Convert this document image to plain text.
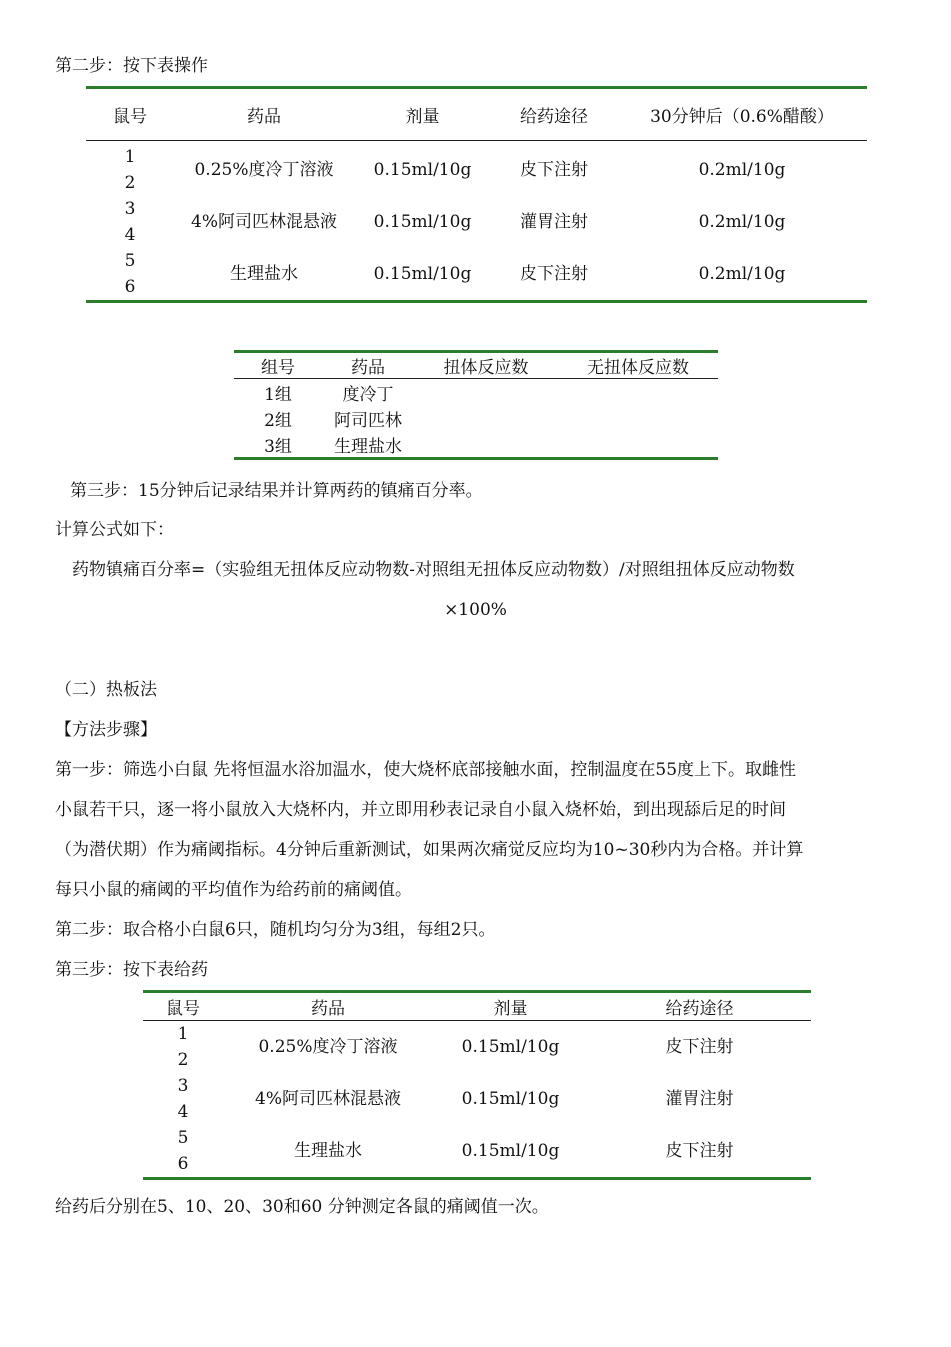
第二步：按下表操作
鼠号	药品	剂量	给药途径	30分钟后（0.6%醋酸）

1
2	0.25%度冷丁溶液	0.15ml/10g	皮下注射	0.2ml/10g

3
4	4%阿司匹林混悬液	0.15ml/10g	灌胃注射	0.2ml/10g

5
6	生理盐水	0.15ml/10g	皮下注射	0.2ml/10g
组号	药品	扭体反应数	无扭体反应数
1组	度冷丁		
2组	阿司匹林		
3组	生理盐水		
第三步：15分钟后记录结果并计算两药的镇痛百分率。
计算公式如下：
药物镇痛百分率=（实验组无扭体反应动物数-对照组无扭体反应动物数）/对照组扭体反应动物数
×100%
（二）热板法
【方法步骤】
第一步：筛选小白鼠 先将恒温水浴加温水，使大烧杯底部接触水面，控制温度在55度上下。取雌性
小鼠若干只，逐一将小鼠放入大烧杯内，并立即用秒表记录自小鼠入烧杯始，到出现舔后足的时间
（为潜伏期）作为痛阈指标。4分钟后重新测试，如果两次痛觉反应均为10~30秒内为合格。并计算
每只小鼠的痛阈的平均值作为给药前的痛阈值。
第二步：取合格小白鼠6只，随机均匀分为3组，每组2只。
第三步：按下表给药
鼠号	药品	剂量	给药途径

1
2	0.25%度冷丁溶液	0.15ml/10g	皮下注射

3
4	4%阿司匹林混悬液	0.15ml/10g	灌胃注射

5
6	生理盐水	0.15ml/10g	皮下注射
给药后分别在5、10、20、30和60 分钟测定各鼠的痛阈值一次。
